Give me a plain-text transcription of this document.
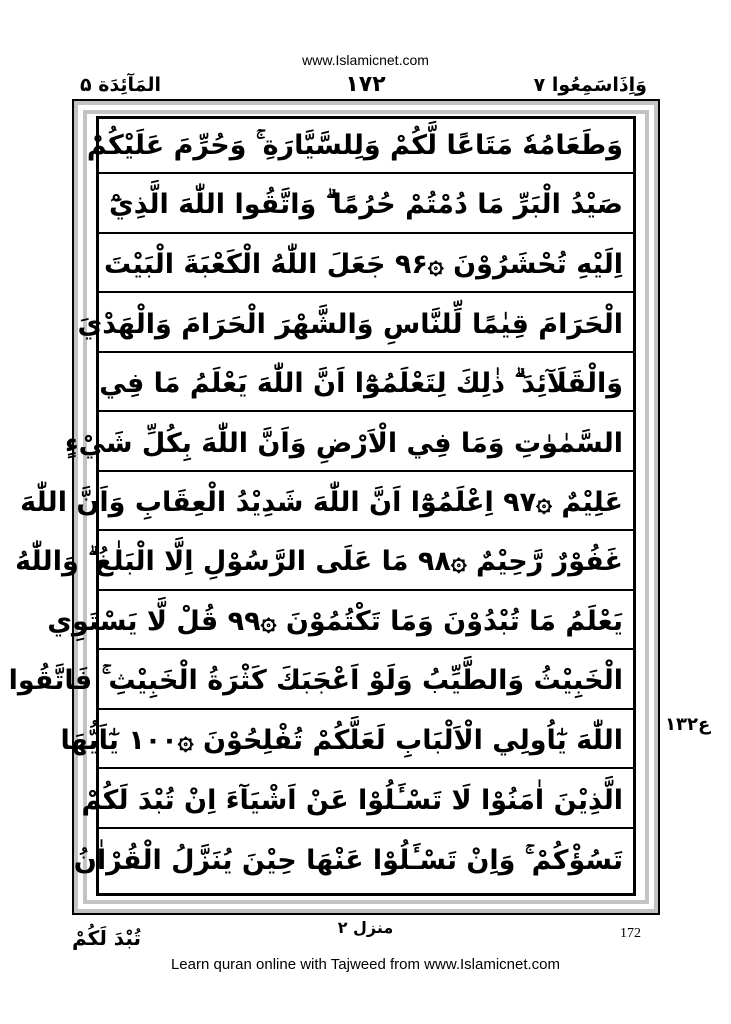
www.Islamicnet.com
المَآئِدَة ۵	۱۷۲	وَاِذَاسَمِعُوا ۷
وَطَعَامُهٗ مَتَاعًا لَّكُمْ وَلِلسَّيَّارَةِ ۚ وَحُرِّمَ عَلَيْكُمْ
صَيْدُ الْبَرِّ مَا دُمْتُمْ حُرُمًا ۗ وَاتَّقُوا اللّٰهَ الَّذِيْٓ
اِلَيْهِ تُحْشَرُوْنَ ۞۹۶ جَعَلَ اللّٰهُ الْكَعْبَةَ الْبَيْتَ
الْحَرَامَ قِيٰمًا لِّلنَّاسِ وَالشَّهْرَ الْحَرَامَ وَالْهَدْيَ
وَالْقَلَآئِدَ ۗ ذٰلِكَ لِتَعْلَمُوْٓا اَنَّ اللّٰهَ يَعْلَمُ مَا فِي
السَّمٰوٰتِ وَمَا فِي الْاَرْضِ وَاَنَّ اللّٰهَ بِكُلِّ شَيْءٍ
عَلِيْمٌ ۞۹۷ اِعْلَمُوْٓا اَنَّ اللّٰهَ شَدِيْدُ الْعِقَابِ وَاَنَّ اللّٰهَ
غَفُوْرٌ رَّحِيْمٌ ۞۹۸ مَا عَلَى الرَّسُوْلِ اِلَّا الْبَلٰغُ ۗ وَاللّٰهُ
يَعْلَمُ مَا تُبْدُوْنَ وَمَا تَكْتُمُوْنَ ۞۹۹ قُلْ لَّا يَسْتَوِي
الْخَبِيْثُ وَالطَّيِّبُ وَلَوْ اَعْجَبَكَ كَثْرَةُ الْخَبِيْثِ ۚ فَاتَّقُوا
اللّٰهَ يٰٓاُولِي الْاَلْبَابِ لَعَلَّكُمْ تُفْلِحُوْنَ ۞۱۰۰ يٰٓاَيُّهَا
الَّذِيْنَ اٰمَنُوْا لَا تَسْـَٔلُوْا عَنْ اَشْيَآءَ اِنْ تُبْدَ لَكُمْ
تَسُؤْكُمْ ۚ وَاِنْ تَسْـَٔلُوْا عَنْهَا حِيْنَ يُنَزَّلُ الْقُرْاٰنُ
۱۳ع۲
تُبْدَ لَكُمْ	منزل ۲	172
Learn quran online with Tajweed from www.Islamicnet.com
